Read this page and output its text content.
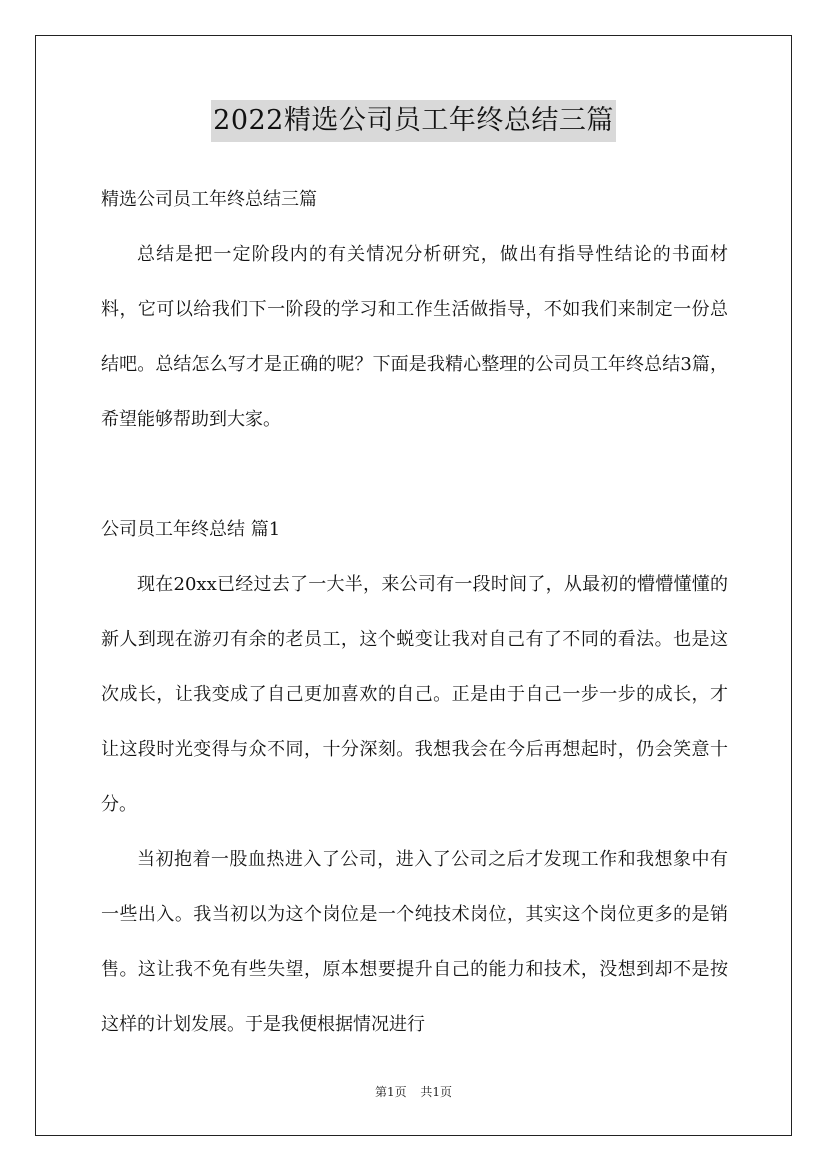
2022精选公司员工年终总结三篇

精选公司员工年终总结三篇

总结是把一定阶段内的有关情况分析研究，做出有指导性结论的书面材料，它可以给我们下一阶段的学习和工作生活做指导，不如我们来制定一份总结吧。总结怎么写才是正确的呢？下面是我精心整理的公司员工年终总结3篇，希望能够帮助到大家。

公司员工年终总结 篇1

现在20xx已经过去了一大半，来公司有一段时间了，从最初的懵懵懂懂的新人到现在游刃有余的老员工，这个蜕变让我对自己有了不同的看法。也是这次成长，让我变成了自己更加喜欢的自己。正是由于自己一步一步的成长，才让这段时光变得与众不同，十分深刻。我想我会在今后再想起时，仍会笑意十分。

当初抱着一股血热进入了公司，进入了公司之后才发现工作和我想象中有一些出入。我当初以为这个岗位是一个纯技术岗位，其实这个岗位更多的是销售。这让我不免有些失望，原本想要提升自己的能力和技术，没想到却不是按这样的计划发展。于是我便根据情况进行

第1页 共1页
